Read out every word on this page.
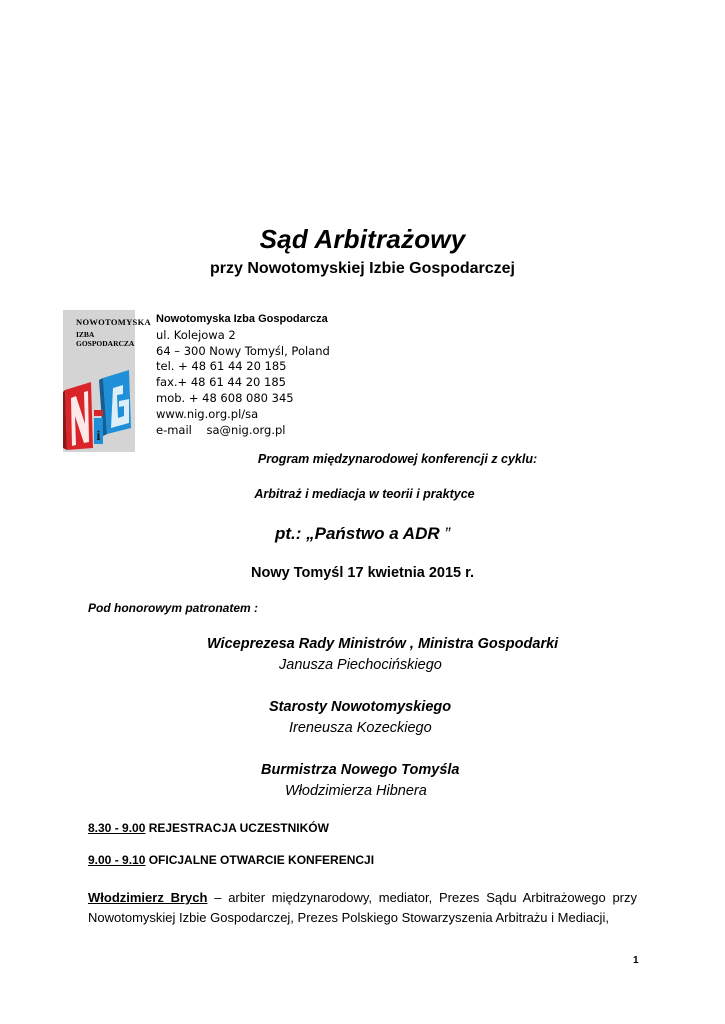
Sąd Arbitrażowy
przy Nowotomyskiej Izbie Gospodarczej
NOWOTOMYSKA
IZBA GOSPODARCZA
i
Nowotomyska Izba Gospodarcza
ul. Kolejowa 2
64 – 300 Nowy Tomyśl, Poland
tel. + 48 61 44 20 185
fax.+ 48 61 44 20 185
mob. + 48 608 080 345
www.nig.org.pl/sa
e-mail sa@nig.org.pl
Program międzynarodowej konferencji z cyklu:
Arbitraż i mediacja w teorii i praktyce
pt.: „Państwo a ADR ”
Nowy Tomyśl 17 kwietnia 2015 r.
Pod honorowym patronatem :
Wiceprezesa Rady Ministrów , Ministra Gospodarki
Janusza Piechocińskiego
Starosty Nowotomyskiego
Ireneusza Kozeckiego
Burmistrza Nowego Tomyśla
Włodzimierza Hibnera
8.30 - 9.00 REJESTRACJA UCZESTNIKÓW
9.00 - 9.10 OFICJALNE OTWARCIE KONFERENCJI
Włodzimierz Brych – arbiter międzynarodowy, mediator, Prezes Sądu Arbitrażowego przy Nowotomyskiej Izbie Gospodarczej, Prezes Polskiego Stowarzyszenia Arbitrażu i Mediacji,
1
